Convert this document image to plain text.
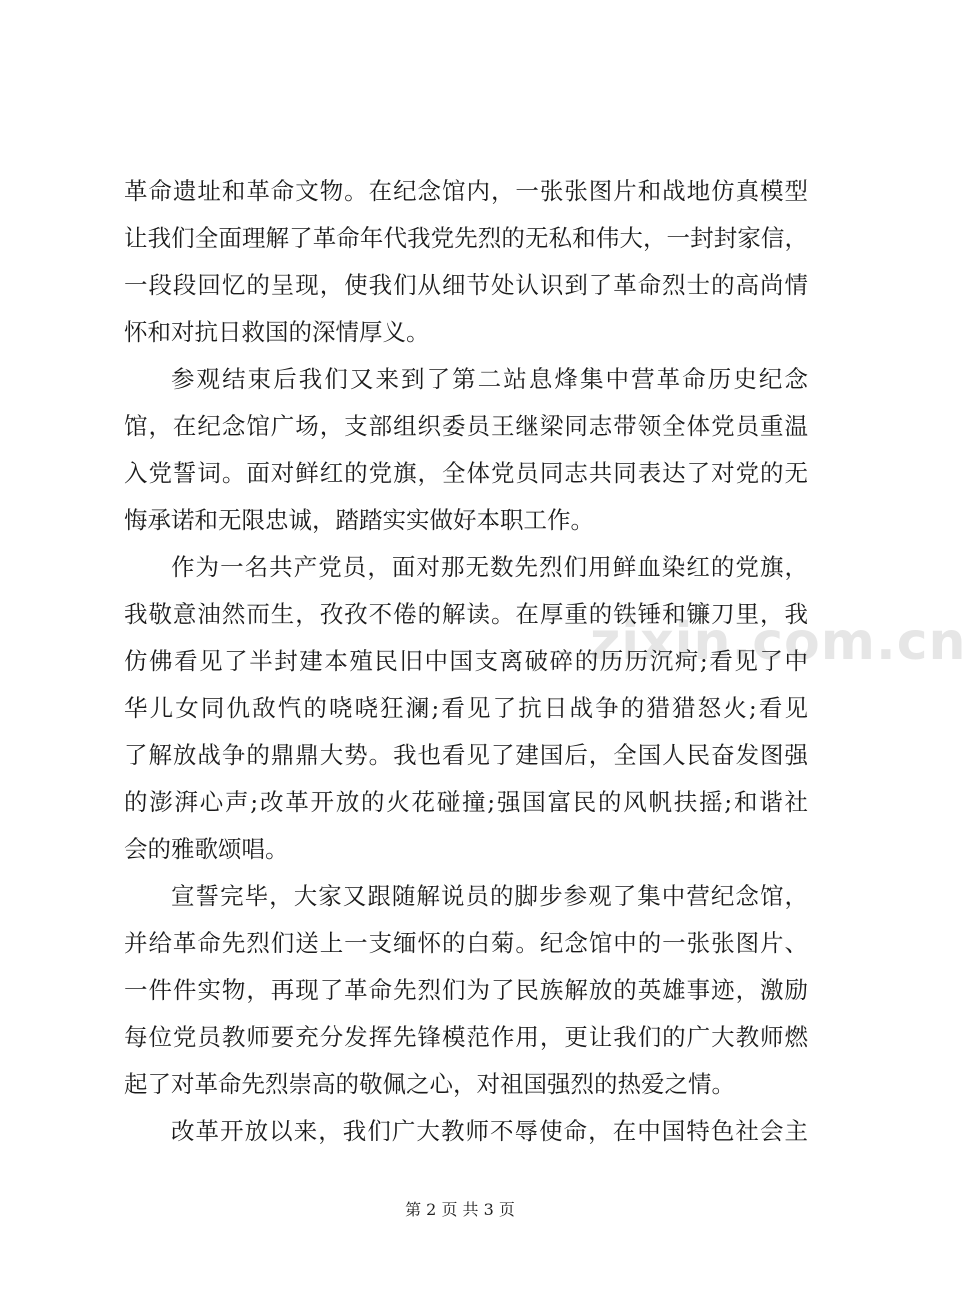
zixin.com.cn
革命遗址和革命文物。在纪念馆内，一张张图片和战地仿真模型
让我们全面理解了革命年代我党先烈的无私和伟大，一封封家信，
一段段回忆的呈现，使我们从细节处认识到了革命烈士的高尚情
怀和对抗日救国的深情厚义。
参观结束后我们又来到了第二站息烽集中营革命历史纪念
馆，在纪念馆广场，支部组织委员王继梁同志带领全体党员重温
入党誓词。面对鲜红的党旗，全体党员同志共同表达了对党的无
悔承诺和无限忠诚，踏踏实实做好本职工作。
作为一名共产党员，面对那无数先烈们用鲜血染红的党旗，
我敬意油然而生，孜孜不倦的解读。在厚重的铁锤和镰刀里，我
仿佛看见了半封建本殖民旧中国支离破碎的历历沉疴;看见了中
华儿女同仇敌忾的哓哓狂澜;看见了抗日战争的猎猎怒火;看见
了解放战争的鼎鼎大势。我也看见了建国后，全国人民奋发图强
的澎湃心声;改革开放的火花碰撞;强国富民的风帆扶摇;和谐社
会的雅歌颂唱。
宣誓完毕，大家又跟随解说员的脚步参观了集中营纪念馆，
并给革命先烈们送上一支缅怀的白菊。纪念馆中的一张张图片、
一件件实物，再现了革命先烈们为了民族解放的英雄事迹，激励
每位党员教师要充分发挥先锋模范作用，更让我们的广大教师燃
起了对革命先烈崇高的敬佩之心，对祖国强烈的热爱之情。
改革开放以来，我们广大教师不辱使命，在中国特色社会主
第 2 页 共 3 页
